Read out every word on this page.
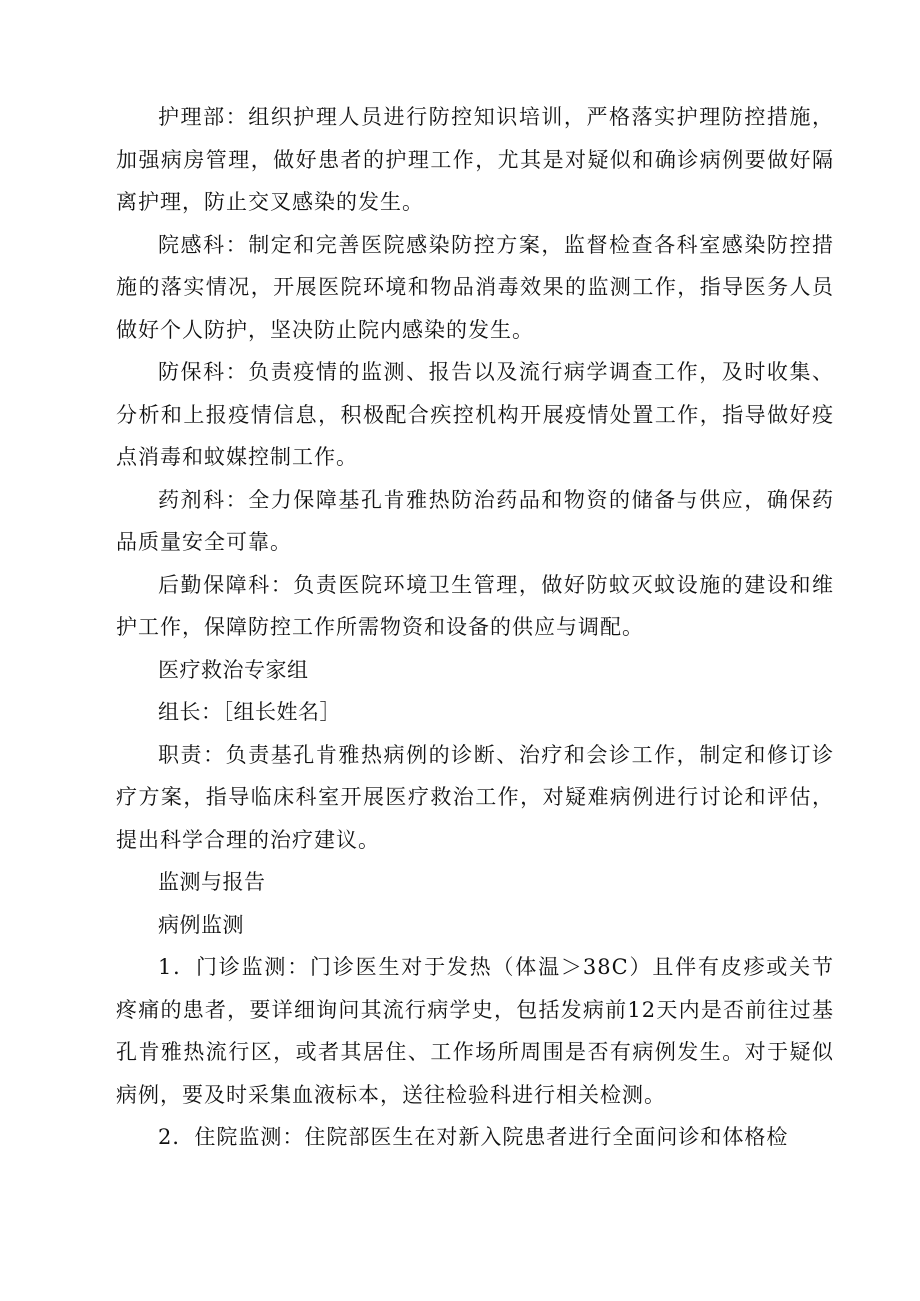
护理部：组织护理人员进行防控知识培训，严格落实护理防控措施，加强病房管理，做好患者的护理工作，尤其是对疑似和确诊病例要做好隔离护理，防止交叉感染的发生。

院感科：制定和完善医院感染防控方案，监督检查各科室感染防控措施的落实情况，开展医院环境和物品消毒效果的监测工作，指导医务人员做好个人防护，坚决防止院内感染的发生。

防保科：负责疫情的监测、报告以及流行病学调查工作，及时收集、分析和上报疫情信息，积极配合疾控机构开展疫情处置工作，指导做好疫点消毒和蚊媒控制工作。

药剂科：全力保障基孔肯雅热防治药品和物资的储备与供应，确保药品质量安全可靠。

后勤保障科：负责医院环境卫生管理，做好防蚊灭蚊设施的建设和维护工作，保障防控工作所需物资和设备的供应与调配。

医疗救治专家组

组长：［组长姓名］

职责：负责基孔肯雅热病例的诊断、治疗和会诊工作，制定和修订诊疗方案，指导临床科室开展医疗救治工作，对疑难病例进行讨论和评估，提出科学合理的治疗建议。

监测与报告

病例监测

1．门诊监测：门诊医生对于发热（体温＞38C）且伴有皮疹或关节疼痛的患者，要详细询问其流行病学史，包括发病前12天内是否前往过基孔肯雅热流行区，或者其居住、工作场所周围是否有病例发生。对于疑似病例，要及时采集血液标本，送往检验科进行相关检测。

2．住院监测：住院部医生在对新入院患者进行全面问诊和体格检
